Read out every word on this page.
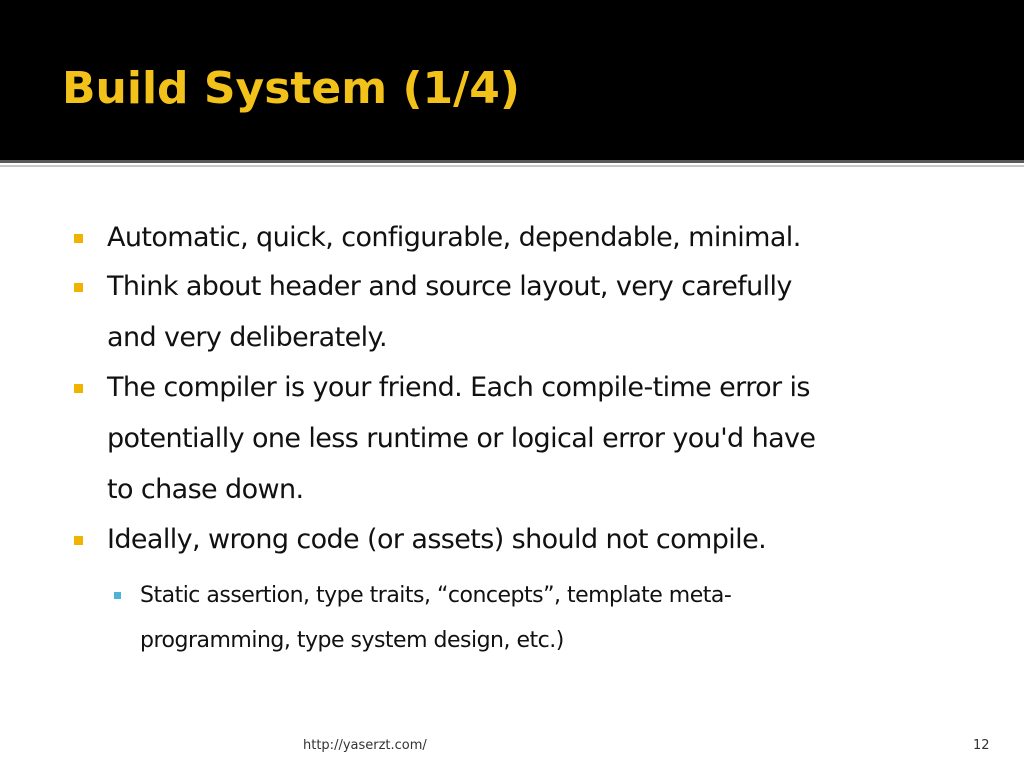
Build System (1/4)
Automatic, quick, configurable, dependable, minimal.
Think about header and source layout, very carefully
and very deliberately.
The compiler is your friend. Each compile-time error is
potentially one less runtime or logical error you'd have
to chase down.
Ideally, wrong code (or assets) should not compile.
Static assertion, type traits, “concepts”, template meta-
programming, type system design, etc.)
http://yaserzt.com/	12
